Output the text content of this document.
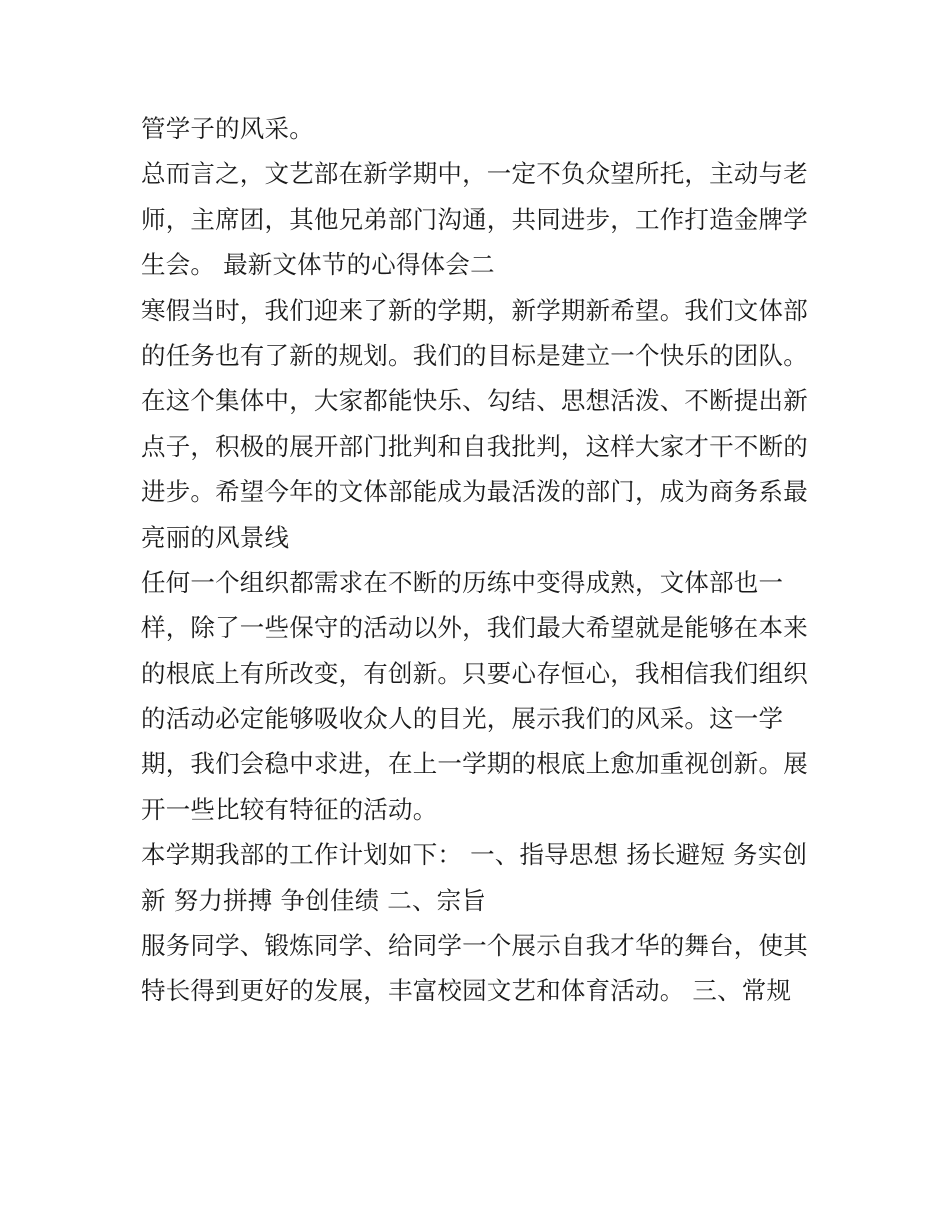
管学子的风采。
总而言之，文艺部在新学期中，一定不负众望所托，主动与老
师，主席团，其他兄弟部门沟通，共同进步，工作打造金牌学
生会。 最新文体节的心得体会二
寒假当时，我们迎来了新的学期，新学期新希望。我们文体部
的任务也有了新的规划。我们的目标是建立一个快乐的团队。
在这个集体中，大家都能快乐、勾结、思想活泼、不断提出新
点子，积极的展开部门批判和自我批判，这样大家才干不断的
进步。希望今年的文体部能成为最活泼的部门，成为商务系最
亮丽的风景线
任何一个组织都需求在不断的历练中变得成熟，文体部也一
样，除了一些保守的活动以外，我们最大希望就是能够在本来
的根底上有所改变，有创新。只要心存恒心，我相信我们组织
的活动必定能够吸收众人的目光，展示我们的风采。这一学
期，我们会稳中求进，在上一学期的根底上愈加重视创新。展
开一些比较有特征的活动。
本学期我部的工作计划如下： 一、指导思想 扬长避短 务实创
新 努力拼搏 争创佳绩 二、宗旨
服务同学、锻炼同学、给同学一个展示自我才华的舞台，使其
特长得到更好的发展，丰富校园文艺和体育活动。 三、常规
